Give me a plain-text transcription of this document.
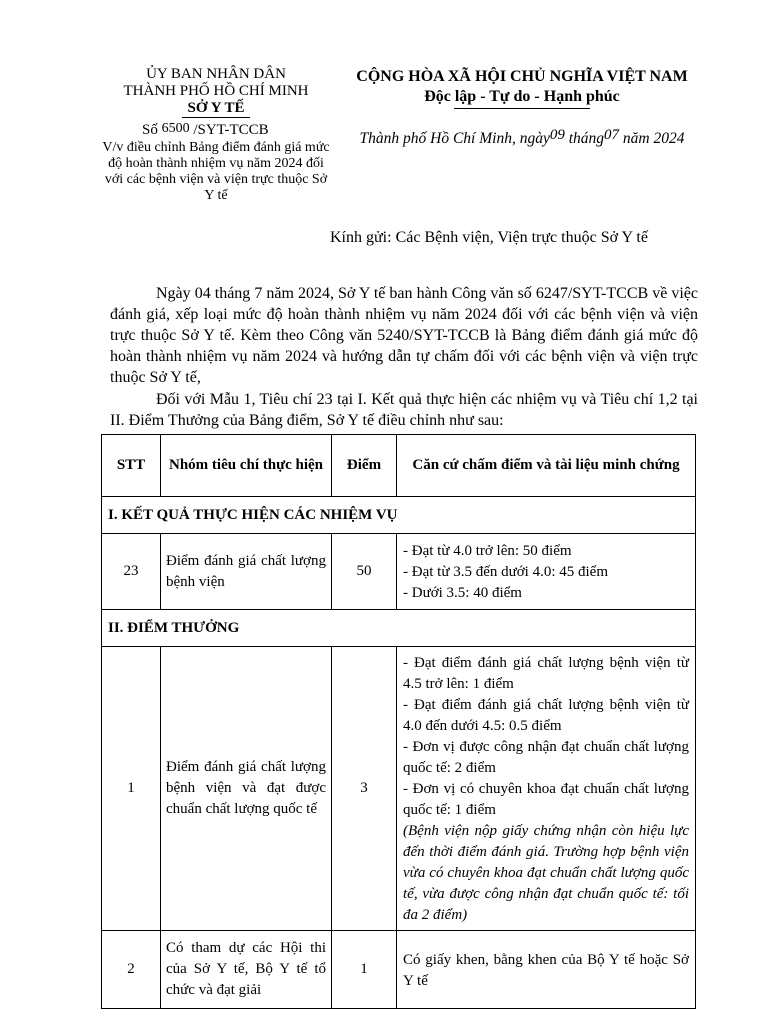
ỦY BAN NHÂN DÂN
THÀNH PHỐ HỒ CHÍ MINH
SỞ Y TẾ
Số 6500 /SYT-TCCB
V/v điều chỉnh Bảng điểm đánh giá mức độ hoàn thành nhiệm vụ năm 2024 đối với các bệnh viện và viện trực thuộc Sở Y tế
CỘNG HÒA XÃ HỘI CHỦ NGHĨA VIỆT NAM
Độc lập - Tự do - Hạnh phúc
Thành phố Hồ Chí Minh, ngày$^{09}$ tháng$^{07}$ năm 2024
Kính gửi: Các Bệnh viện, Viện trực thuộc Sở Y tế
Ngày 04 tháng 7 năm 2024, Sở Y tế ban hành Công văn số 6247/SYT-TCCB về việc đánh giá, xếp loại mức độ hoàn thành nhiệm vụ năm 2024 đối với các bệnh viện và viện trực thuộc Sở Y tế. Kèm theo Công văn 5240/SYT-TCCB là Bảng điểm đánh giá mức độ hoàn thành nhiệm vụ năm 2024 và hướng dẫn tự chấm đối với các bệnh viện và viện trực thuộc Sở Y tế,
Đối với Mẫu 1, Tiêu chí 23 tại I. Kết quả thực hiện các nhiệm vụ và Tiêu chí 1,2 tại II. Điểm Thưởng của Bảng điểm, Sở Y tế điều chỉnh như sau:
STT	Nhóm tiêu chí thực hiện	Điểm	Căn cứ chấm điểm và tài liệu minh chứng
I. KẾT QUẢ THỰC HIỆN CÁC NHIỆM VỤ			
23	Điểm đánh giá chất lượng bệnh viện	50	- Đạt từ 4.0 trở lên: 50 điểm
- Đạt từ 3.5 đến dưới 4.0: 45 điểm
- Dưới 3.5: 40 điểm

II. ĐIỂM THƯỞNG			
1	Điểm đánh giá chất lượng bệnh viện và đạt được chuẩn chất lượng quốc tế	3	- Đạt điểm đánh giá chất lượng bệnh viện từ 4.5 trở lên: 1 điểm
- Đạt điểm đánh giá chất lượng bệnh viện từ 4.0 đến dưới 4.5: 0.5 điểm
- Đơn vị được công nhận đạt chuẩn chất lượng quốc tế: 2 điểm
- Đơn vị có chuyên khoa đạt chuẩn chất lượng quốc tế: 1 điểm
(Bệnh viện nộp giấy chứng nhận còn hiệu lực đến thời điểm đánh giá. Trường hợp bệnh viện vừa có chuyên khoa đạt chuẩn chất lượng quốc tế, vừa được công nhận đạt chuẩn quốc tế: tối đa 2 điểm)

2	Có tham dự các Hội thi của Sở Y tế, Bộ Y tế tổ chức và đạt giải	1	Có giấy khen, bằng khen của Bộ Y tế hoặc Sở Y tế
